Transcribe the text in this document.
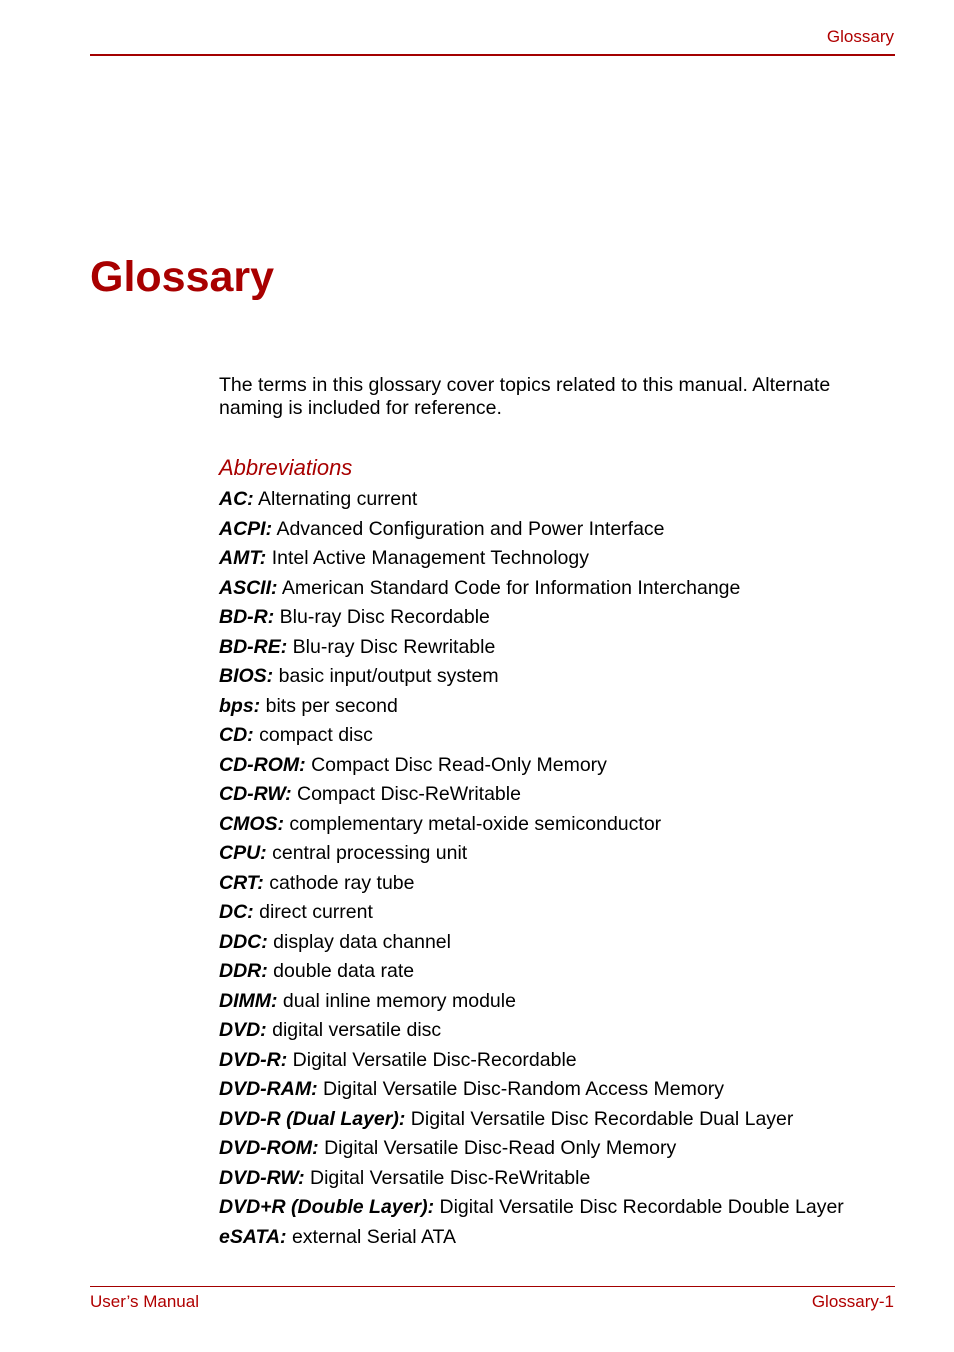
Glossary

Glossary

The terms in this glossary cover topics related to this manual. Alternate naming is included for reference.

Abbreviations
AC: Alternating current
ACPI: Advanced Configuration and Power Interface
AMT: Intel Active Management Technology
ASCII: American Standard Code for Information Interchange
BD-R: Blu-ray Disc Recordable
BD-RE: Blu-ray Disc Rewritable
BIOS: basic input/output system
bps: bits per second
CD: compact disc
CD-ROM: Compact Disc Read-Only Memory
CD-RW: Compact Disc-ReWritable
CMOS: complementary metal-oxide semiconductor
CPU: central processing unit
CRT: cathode ray tube
DC: direct current
DDC: display data channel
DDR: double data rate
DIMM: dual inline memory module
DVD: digital versatile disc
DVD-R: Digital Versatile Disc-Recordable
DVD-RAM: Digital Versatile Disc-Random Access Memory
DVD-R (Dual Layer): Digital Versatile Disc Recordable Dual Layer
DVD-ROM: Digital Versatile Disc-Read Only Memory
DVD-RW: Digital Versatile Disc-ReWritable
DVD+R (Double Layer): Digital Versatile Disc Recordable Double Layer
eSATA: external Serial ATA

User’s Manual	Glossary-1
